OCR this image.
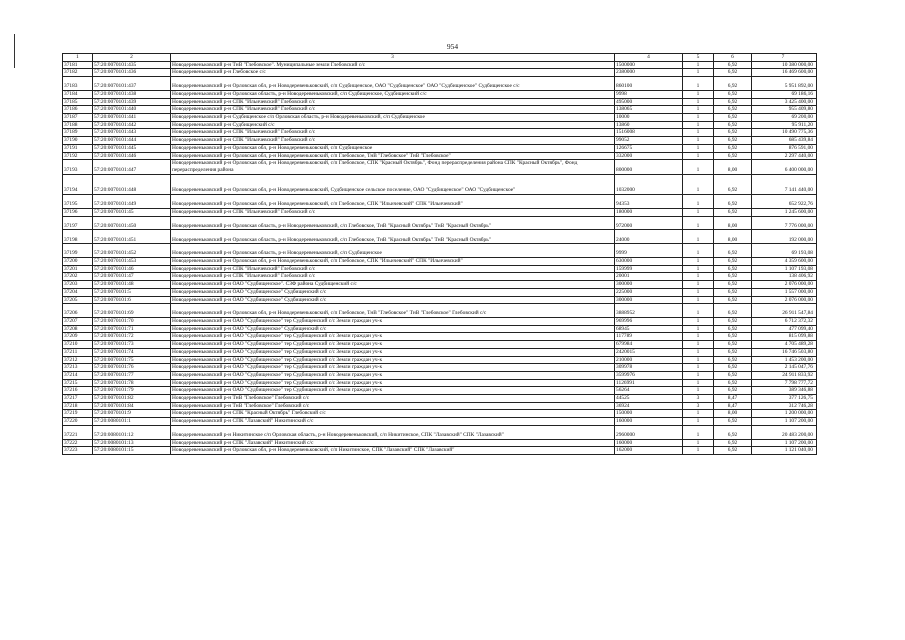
954
1	2	3	4	5	6	7
37181	57:20:0070101:435	Новодеревеньковский р-н ТнВ "Глебовское". Муниципальные земли Глебовский с/с	1500000	1	6,92	10 380 000,00
37182	57:20:0070101:436	Новодеревеньковский р-н Глебовское с/с	2380000	1	6,92	16 469 600,00
37183	57:20:0070101:437	Новодеревеньковский р-н Орловская обл, р-н Новодеревеньковский, с/п Судбищенское, ОАО "Судбищенское" ОАО "Судбищенское" Судбищенское с/с	860100	1	6,92	5 951 892,00
37184	57:20:0070101:438	Новодеревеньковский р-н Орловская область, р-н Новодеревеньковский, с/п Судбищенское, Судбищенский с/с	9998	1	6,92	69 186,16
37185	57:20:0070101:439	Новодеревеньковский р-н СПК "Ильичевский" Глебовский с/с	495000	1	6,92	3 425 400,00
37186	57:20:0070101:440	Новодеревеньковский р-н СПК "Ильичевский" Глебовский с/с	138065	1	6,92	955 409,80
37187	57:20:0070101:441	Новодеревеньковский р-н Судбищенское с/п Орловская область, р-н Новодеревеньковский, с/п Судбищенское	10000	1	6,92	69 200,00
37188	57:20:0070101:442	Новодеревеньковский р-н Судбищенский с/с	13860	1	6,92	95 911,20
37189	57:20:0070101:443	Новодеревеньковский р-н СПК "Ильичевский" Глебовский с/с	1516008	1	6,92	10 490 775,36
37190	57:20:0070101:444	Новодеревеньковский р-н СПК "Ильичевский" Глебовский с/с	99052	1	6,92	685 439,84
37191	57:20:0070101:445	Новодеревеньковский р-н Орловская обл, р-н Новодеревеньковский, с/п Судбищенское	126675	1	6,92	876 591,00
37192	57:20:0070101:446	Новодеревеньковский р-н Орловская обл, р-н Новодеревеньковский, с/п Глебовское, ТнВ "Глебовское" ТнВ "Глебовское"	332000	1	6,92	2 297 440,00
37193	57:20:0070101:447	Новодеревеньковский р-н Орловская обл, р-н Новодеревеньковский, с/п Глебовское, СПК "Красный Октябрь", Фонд перераспределения района СПК "Красный Октябрь", Фонд перераспределения района	800000	1	8,00	6 400 000,00
37194	57:20:0070101:448	Новодеревеньковский р-н Орловская обл, р-н Новодеревеньковский, Судбищенское сельское поселение, ОАО "Судбищенское" ОАО "Судбищенское"	1032000	1	6,92	7 141 440,00
37195	57:20:0070101:449	Новодеревеньковский р-н Орловская обл, р-н Новодеревеньковский, с/п Глебовское, СПК "Ильичевский" СПК "Ильичевский"	94353	1	6,92	652 922,76
37196	57:20:0070101:45	Новодеревеньковский р-н СПК "Ильичевский" Глебовский с/с	180000	1	6,92	1 245 600,00
37197	57:20:0070101:450	Новодеревеньковский р-н Орловская область, р-н Новодеревеньковский, с/п Глебовское, ТнВ "Красный Октябрь" ТнВ "Красный Октябрь"	972000	1	8,00	7 776 000,00
37198	57:20:0070101:451	Новодеревеньковский р-н Орловская область, р-н Новодеревеньковский, с/п Глебовское, ТнВ "Красный Октябрь" ТнВ "Красный Октябрь"	24000	1	8,00	192 000,00
37199	57:20:0070101:452	Новодеревеньковский р-н Орловская область, р-н Новодеревеньковский, с/п Судбищенское	9999	1	6,92	69 193,08
37200	57:20:0070101:453	Новодеревеньковский р-н Орловская обл, р-н Новодеревеньковский, с/п Глебовское, СПК "Ильичевский" СПК "Ильичевский"	630000	1	6,92	4 359 600,00
37201	57:20:0070101:46	Новодеревеньковский р-н СПК "Ильичевский" Глебовский с/с	159999	1	6,92	1 107 193,08
37202	57:20:0070101:47	Новодеревеньковский р-н СПК "Ильичевский" Глебовский с/с	20001	1	6,92	138 406,92
37203	57:20:0070101:48	Новодеревеньковский р-н ОАО "Судбищенское". СЗФ района Судбищенский с/с	300000	1	6,92	2 076 000,00
37204	57:20:0070101:5	Новодеревеньковский р-н ОАО "Судбищенское" Судбищенский с/с	225000	1	6,92	1 557 000,00
37205	57:20:0070101:6	Новодеревеньковский р-н ОАО "Судбищенское" Судбищенский с/с	300000	1	6,92	2 076 000,00
37206	57:20:0070101:69	Новодеревеньковский р-н Орловская обл, р-н Новодеревеньковский, с/п Глебовское, ТнВ "Глебовское" ТнВ "Глебовское" Глебовский с/с	3888952	1	6,92	26 911 547,84
37207	57:20:0070101:70	Новодеревеньковский р-н ОАО "Судбищенское" тер Судбищенский с/с Земли граждан уч-к	969996	1	6,92	6 712 372,32
37208	57:20:0070101:71	Новодеревеньковский р-н ОАО "Судбищенское" Судбищенский с/с	68945	1	6,92	477 099,40
37209	57:20:0070101:72	Новодеревеньковский р-н ОАО "Судбищенское" тер Судбищенский с/с Земли граждан уч-к	117789	1	6,92	815 099,88
37210	57:20:0070101:73	Новодеревеньковский р-н ОАО "Судбищенское" тер Судбищенский с/с Земли граждан уч-к	679984	1	6,92	4 705 489,28
37211	57:20:0070101:74	Новодеревеньковский р-н ОАО "Судбищенское" тер Судбищенский с/с Земли граждан уч-к	2420015	1	6,92	16 746 503,80
37212	57:20:0070101:75	Новодеревеньковский р-н ОАО "Судбищенское" тер Судбищенский с/с Земли граждан уч-к	210000	1	6,92	1 453 200,00
37213	57:20:0070101:76	Новодеревеньковский р-н ОАО "Судбищенское" тер Судбищенский с/с Земли граждан уч-к	309978	1	6,92	2 145 047,76
37214	57:20:0070101:77	Новодеревеньковский р-н ОАО "Судбищенское" тер Судбищенский с/с Земли граждан уч-к	3599976	1	6,92	24 911 833,92
37215	57:20:0070101:78	Новодеревеньковский р-н ОАО "Судбищенское" тер Судбищенский с/с Земли граждан уч-к	1126991	1	6,92	7 798 777,72
37216	57:20:0070101:79	Новодеревеньковский р-н ОАО "Судбищенское" тер Судбищенский с/с Земли граждан уч-к	56264	1	6,92	389 346,88
37217	57:20:0070101:82	Новодеревеньковский р-н ТнВ "Глебовское" Глебовский с/с	44525	3	8,47	377 126,75
37218	57:20:0070101:84	Новодеревеньковский р-н ТнВ "Глебовское" Глебовский с/с	36924	3	8,47	312 746,28
37219	57:20:0070101:9	Новодеревеньковский р-н СПК "Красный Октябрь" Глебовский с/с	150000	1	8,00	1 200 000,00
37220	57:20:0080101:1	Новодеревеньковский р-н СПК "Лазавский" Никитинский с/с	160000	1	6,92	1 107 200,00
37221	57:20:0080101:12	Новодеревеньковский р-н Никитинское с/п Орловская область, р-н Новодеревеньковский, с/п Никитинское, СПК "Лазавский" СПК "Лазавский"	2960000	1	6,92	20 483 200,00
37222	57:20:0080101:13	Новодеревеньковский р-н СПК "Лазавский" Никитинский с/с	160000	1	6,92	1 107 200,00
37223	57:20:0080101:15	Новодеревеньковский р-н Орловская обл, р-н Новодеревеньковский, с/п Никитинское, СПК "Лазавский" СПК "Лазавский"	162000	1	6,92	1 121 040,00
